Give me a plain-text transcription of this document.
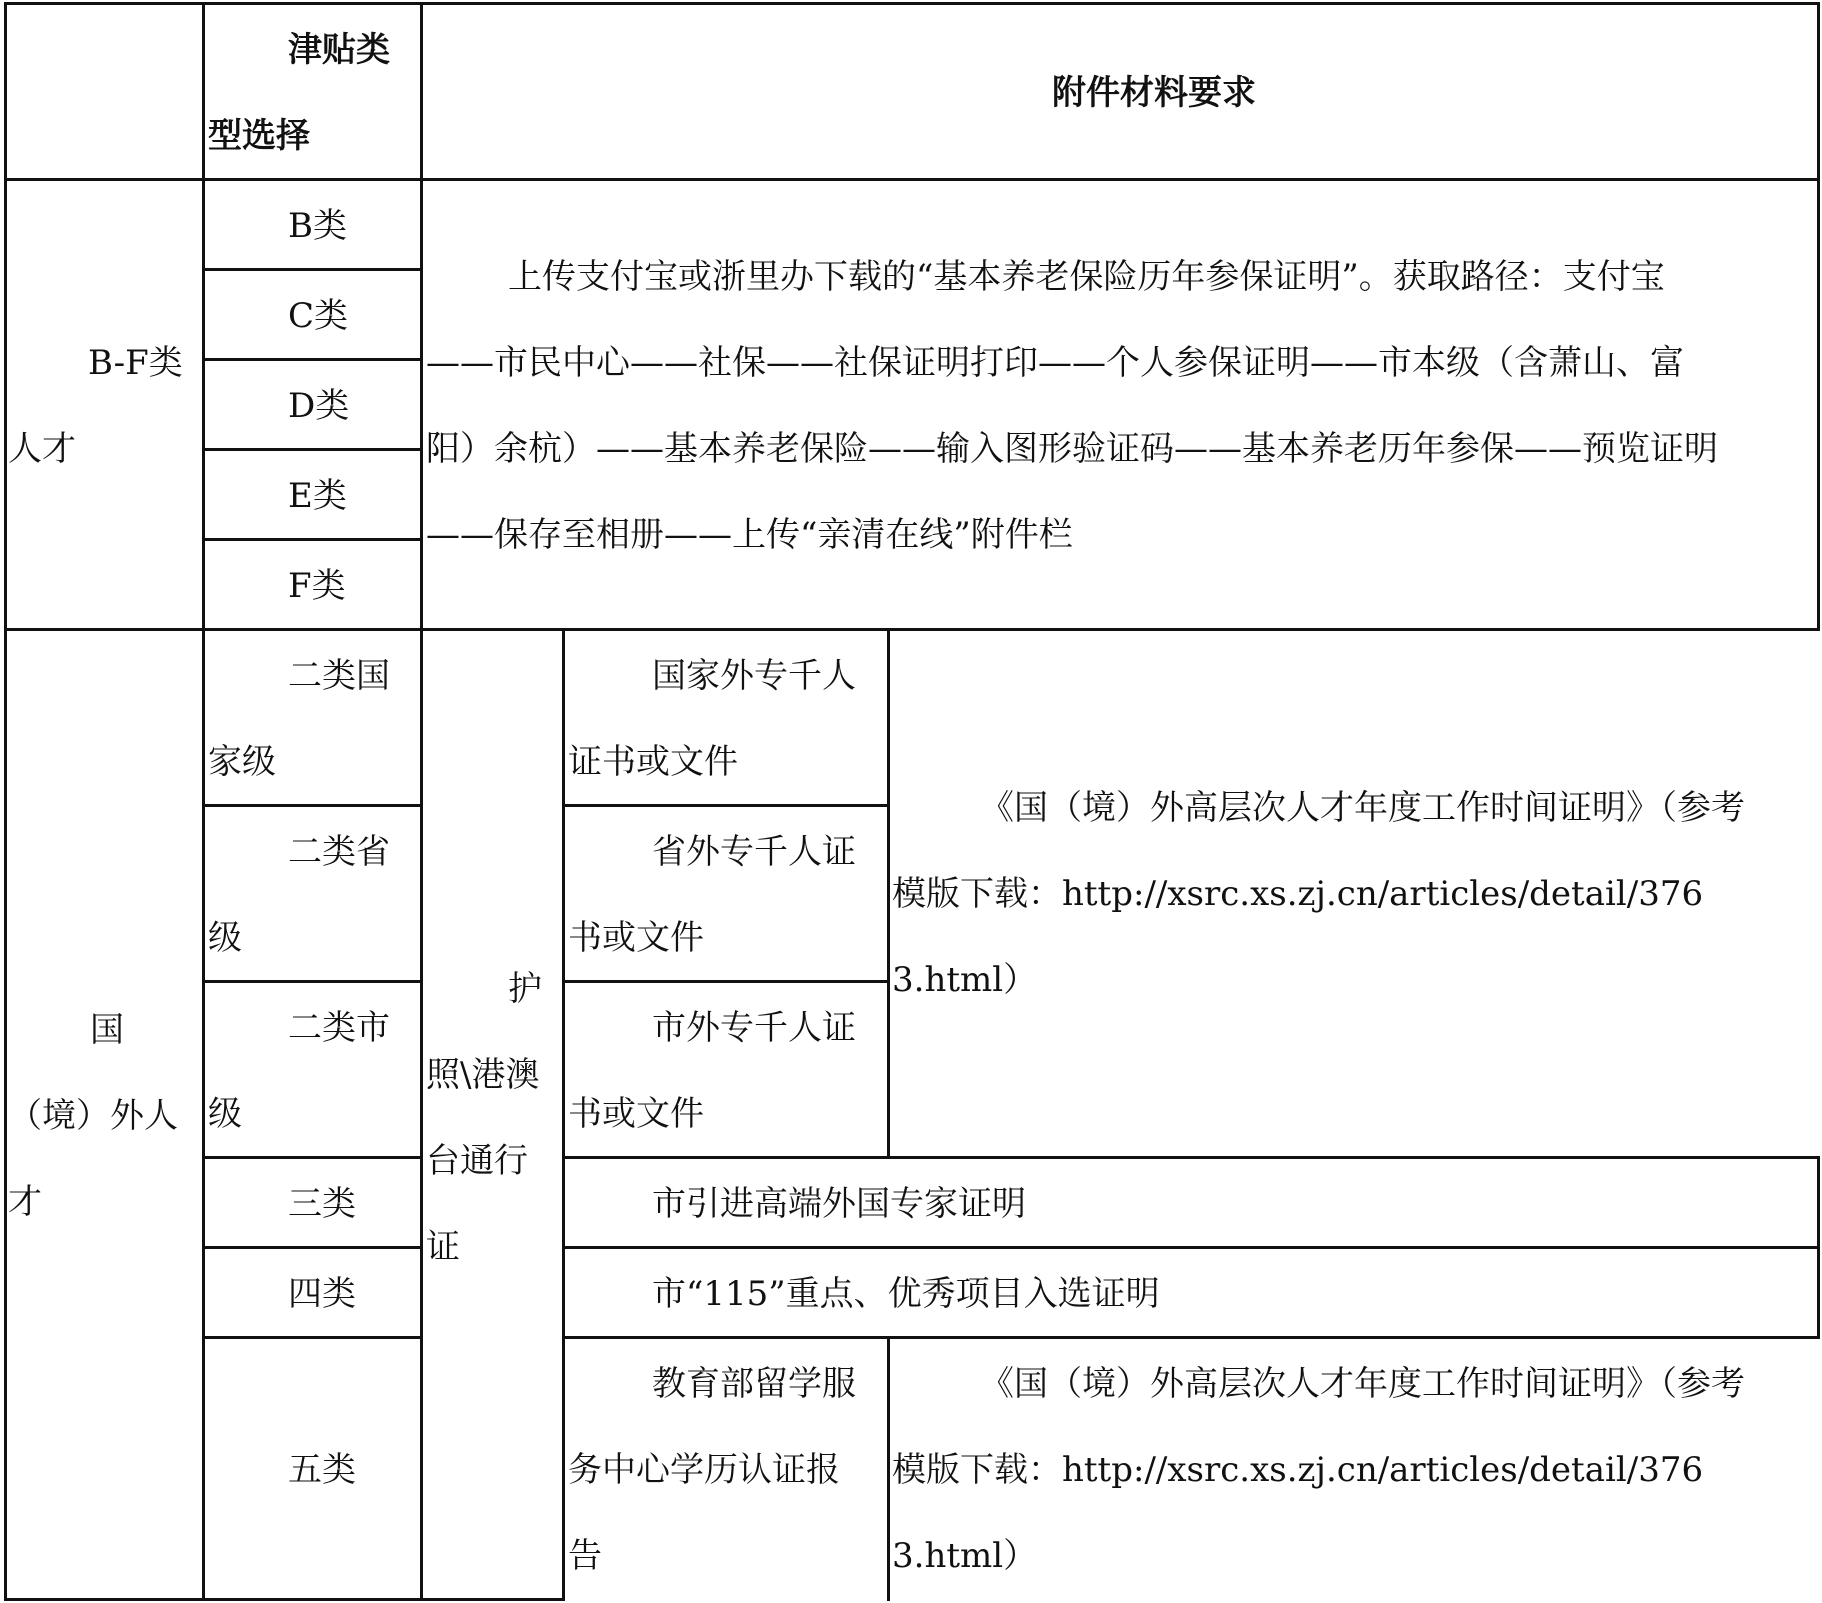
津贴类
型选择
附件材料要求
B-F类
人才
B类
C类
D类
E类
F类
上传支付宝或浙里办下载的“基本养老保险历年参保证明”。获取路径：支付宝
——市民中心——社保——社保证明打印——个人参保证明——市本级（含萧山、富
阳）余杭）——基本养老保险——输入图形验证码——基本养老历年参保——预览证明
——保存至相册——上传“亲清在线”附件栏
国
（境）外人
才
护
照\港澳
台通行
证
二类国
家级
国家外专千人
证书或文件
二类省
级
省外专千人证
书或文件
二类市
级
市外专千人证
书或文件
《国（境）外高层次人才年度工作时间证明》（参考
模版下载：http://xsrc.xs.zj.cn/articles/detail/376
3.html）
三类	市引进高端外国专家证明
四类	市“115”重点、优秀项目入选证明
五类
教育部留学服
务中心学历认证报
告
《国（境）外高层次人才年度工作时间证明》（参考
模版下载：http://xsrc.xs.zj.cn/articles/detail/376
3.html）
